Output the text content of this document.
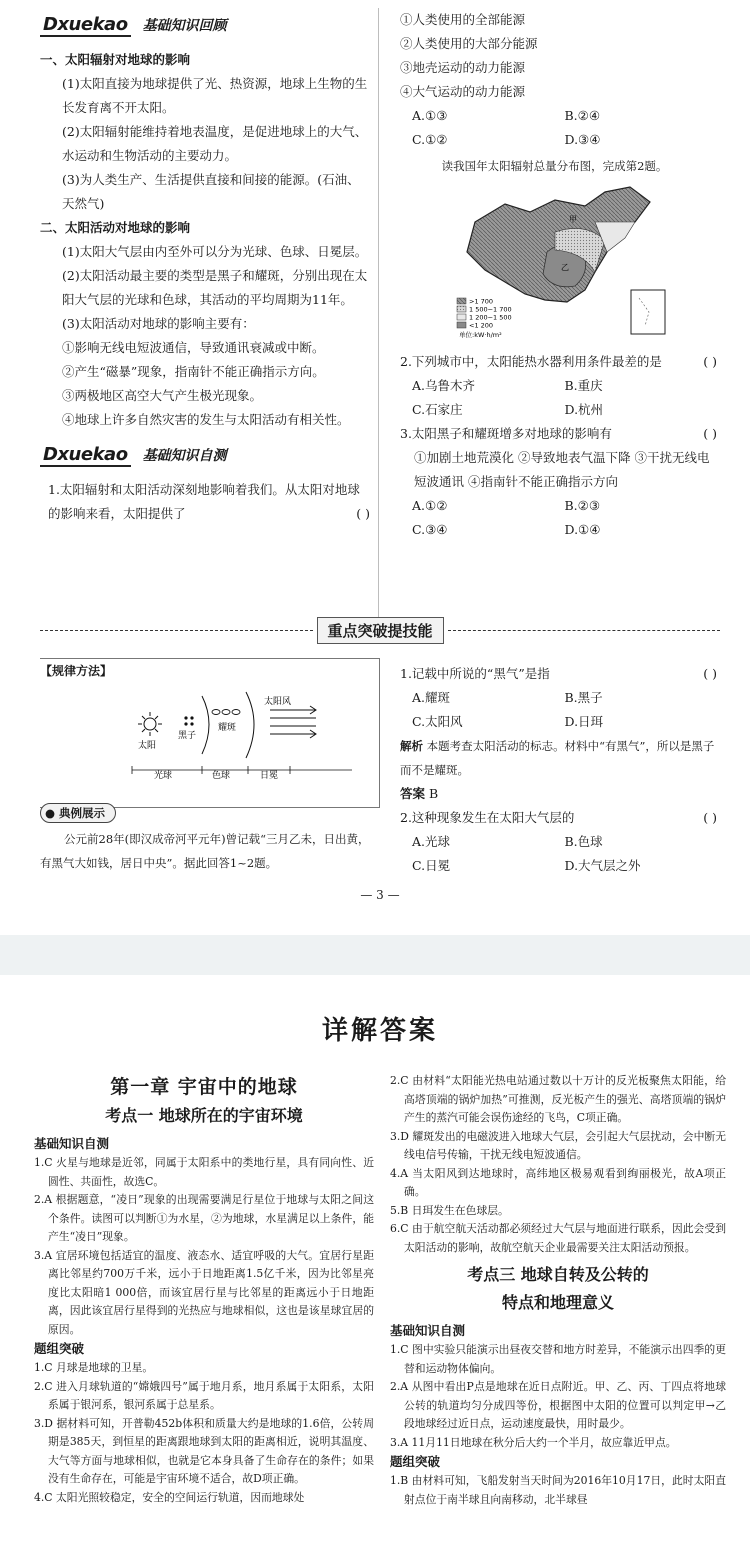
Dxuekao 基础知识回顾
一、太阳辐射对地球的影响
(1)太阳直接为地球提供了光、热资源，地球上生物的生长发育离不开太阳。
(2)太阳辐射能维持着地表温度，是促进地球上的大气、水运动和生物活动的主要动力。
(3)为人类生产、生活提供直接和间接的能源。(石油、天然气)
二、太阳活动对地球的影响
(1)太阳大气层由内至外可以分为光球、色球、日冕层。
(2)太阳活动最主要的类型是黑子和耀斑，分别出现在太阳大气层的光球和色球，其活动的平均周期为11年。
(3)太阳活动对地球的影响主要有：
①影响无线电短波通信，导致通讯衰减或中断。
②产生“磁暴”现象，指南针不能正确指示方向。
③两极地区高空大气产生极光现象。
④地球上许多自然灾害的发生与太阳活动有相关性。
Dxuekao 基础知识自测
1.太阳辐射和太阳活动深刻地影响着我们。从太阳对地球的影响来看，太阳提供了	( )
①人类使用的全部能源
②人类使用的大部分能源
③地壳运动的动力能源
④大气运动的动力能源
A.①③	B.②④
C.①②	D.③④
读我国年太阳辐射总量分布图，完成第2题。
甲
乙
>1 700
1 500~1 700
1 200~1 500
<1 200
单位:kW·h/m²
2.下列城市中，太阳能热水器利用条件最差的是	( )
A.乌鲁木齐	B.重庆
C.石家庄	D.杭州
3.太阳黑子和耀斑增多对地球的影响有	( )
①加剧土地荒漠化 ②导致地表气温下降 ③干扰无线电短波通讯 ④指南针不能正确指示方向
A.①②	B.②③
C.③④	D.①④
重点突破提技能
【规律方法】
太阳
黑子
耀斑
太阳风
光球	色球	日冕
● 典例展示
公元前28年(即汉成帝河平元年)曾记载“三月乙未，日出黄，有黑气大如钱，居日中央”。据此回答1~2题。
1.记载中所说的“黑气”是指	( )
A.耀斑	B.黑子
C.太阳风	D.日珥
解析 本题考查太阳活动的标志。材料中“有黑气”，所以是黑子而不是耀斑。
答案 B
2.这种现象发生在太阳大气层的	( )
A.光球	B.色球
C.日冕	D.大气层之外
— 3 —
详解答案
第一章 宇宙中的地球
考点一 地球所在的宇宙环境
基础知识自测
1.C 火星与地球是近邻，同属于太阳系中的类地行星，具有同向性、近圆性、共面性，故选C。
2.A 根据题意，“凌日”现象的出现需要满足行星位于地球与太阳之间这个条件。读图可以判断①为水星，②为地球，水星满足以上条件，能产生“凌日”现象。
3.A 宜居环境包括适宜的温度、液态水、适宜呼吸的大气。宜居行星距离比邻星约700万千米，远小于日地距离1.5亿千米，因为比邻星亮度比太阳暗1 000倍，而该宜居行星与比邻星的距离远小于日地距离，因此该宜居行星得到的光热应与地球相似，这也是该星球宜居的原因。
题组突破
1.C 月球是地球的卫星。
2.C 进入月球轨道的“嫦娥四号”属于地月系，地月系属于太阳系，太阳系属于银河系，银河系属于总星系。
3.D 据材料可知，开普勒452b体积和质量大约是地球的1.6倍，公转周期是385天，到恒星的距离跟地球到太阳的距离相近，说明其温度、大气等方面与地球相似，也就是它本身具备了生命存在的条件；如果没有生命存在，可能是宇宙环境不适合，故D项正确。
4.C 太阳光照较稳定，安全的空间运行轨道，因而地球处
2.C 由材料“太阳能光热电站通过数以十万计的反光板聚焦太阳能，给高塔顶端的锅炉加热”可推测，反光板产生的强光、高塔顶端的锅炉产生的蒸汽可能会误伤途经的飞鸟，C项正确。
3.D 耀斑发出的电磁波进入地球大气层，会引起大气层扰动，会中断无线电信号传输，干扰无线电短波通信。
4.A 当太阳风到达地球时，高纬地区极易观看到绚丽极光，故A项正确。
5.B 日珥发生在色球层。
6.C 由于航空航天活动都必须经过大气层与地面进行联系，因此会受到太阳活动的影响，故航空航天企业最需要关注太阳活动预报。
考点三 地球自转及公转的
特点和地理意义
基础知识自测
1.C 图中实验只能演示出昼夜交替和地方时差异，不能演示出四季的更替和运动物体偏向。
2.A 从图中看出P点是地球在近日点附近。甲、乙、丙、丁四点将地球公转的轨道均匀分成四等份，根据图中太阳的位置可以判定甲→乙段地球经过近日点，运动速度最快，用时最少。
3.A 11月11日地球在秋分后大约一个半月，故应靠近甲点。
题组突破
1.B 由材料可知，飞船发射当天时间为2016年10月17日，此时太阳直射点位于南半球且向南移动，北半球昼
